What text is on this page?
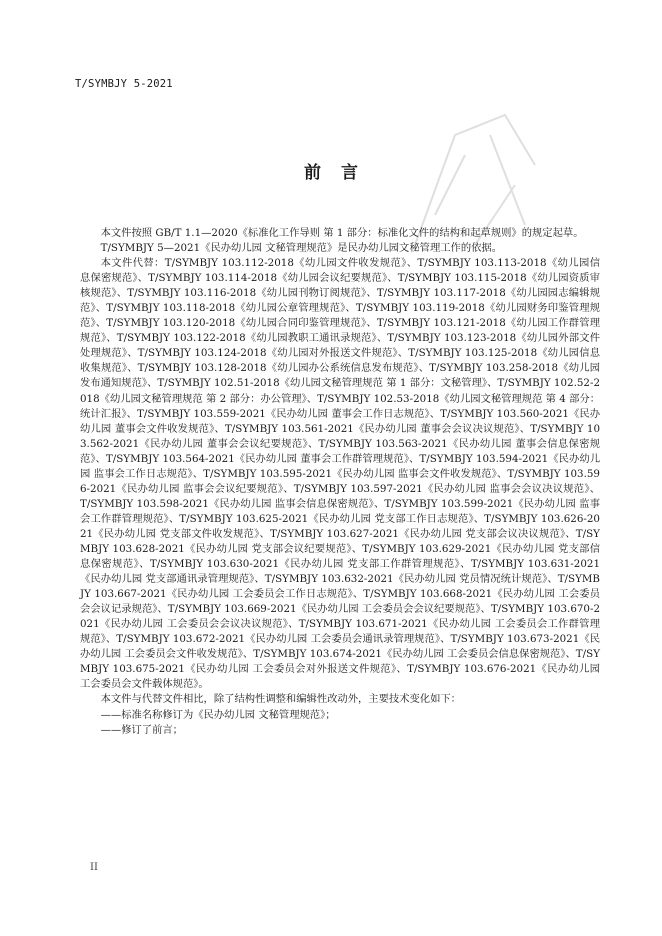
T/SYMBJY 5-2021
前言

本文件按照 GB/T 1.1—2020《标准化工作导则 第 1 部分：标准化文件的结构和起草规则》的规定起草。

T/SYMBJY 5—2021《民办幼儿园 文秘管理规范》是民办幼儿园文秘管理工作的依据。

本文件代替：T/SYMBJY 103.112-2018《幼儿园文件收发规范》、T/SYMBJY 103.113-2018《幼儿园信息保密规范》、T/SYMBJY 103.114-2018《幼儿园会议纪要规范》、T/SYMBJY 103.115-2018《幼儿园资质审核规范》、T/SYMBJY 103.116-2018《幼儿园刊物订阅规范》、T/SYMBJY 103.117-2018《幼儿园园志编辑规范》、T/SYMBJY 103.118-2018《幼儿园公章管理规范》、T/SYMBJY 103.119-2018《幼儿园财务印鉴管理规范》、T/SYMBJY 103.120-2018《幼儿园合同印鉴管理规范》、T/SYMBJY 103.121-2018《幼儿园工作群管理规范》、T/SYMBJY 103.122-2018《幼儿园教职工通讯录规范》、T/SYMBJY 103.123-2018《幼儿园外部文件处理规范》、T/SYMBJY 103.124-2018《幼儿园对外报送文件规范》、T/SYMBJY 103.125-2018《幼儿园信息收集规范》、T/SYMBJY 103.128-2018《幼儿园办公系统信息发布规范》、T/SYMBJY 103.258-2018《幼儿园发布通知规范》、T/SYMBJY 102.51-2018《幼儿园文秘管理规范 第 1 部分：文秘管理》、T/SYMBJY 102.52-2018《幼儿园文秘管理规范 第 2 部分：办公管理》、T/SYMBJY 102.53-2018《幼儿园文秘管理规范 第 4 部分：统计汇报》、T/SYMBJY 103.559-2021《民办幼儿园 董事会工作日志规范》、T/SYMBJY 103.560-2021《民办幼儿园 董事会文件收发规范》、T/SYMBJY 103.561-2021《民办幼儿园 董事会会议决议规范》、T/SYMBJY 103.562-2021《民办幼儿园 董事会会议纪要规范》、T/SYMBJY 103.563-2021《民办幼儿园 董事会信息保密规范》、T/SYMBJY 103.564-2021《民办幼儿园 董事会工作群管理规范》、T/SYMBJY 103.594-2021《民办幼儿园 监事会工作日志规范》、T/SYMBJY 103.595-2021《民办幼儿园 监事会文件收发规范》、T/SYMBJY 103.596-2021《民办幼儿园 监事会会议纪要规范》、T/SYMBJY 103.597-2021《民办幼儿园 监事会会议决议规范》、T/SYMBJY 103.598-2021《民办幼儿园 监事会信息保密规范》、T/SYMBJY 103.599-2021《民办幼儿园 监事会工作群管理规范》、T/SYMBJY 103.625-2021《民办幼儿园 党支部工作日志规范》、T/SYMBJY 103.626-2021《民办幼儿园 党支部文件收发规范》、T/SYMBJY 103.627-2021《民办幼儿园 党支部会议决议规范》、T/SYMBJY 103.628-2021《民办幼儿园 党支部会议纪要规范》、T/SYMBJY 103.629-2021《民办幼儿园 党支部信息保密规范》、T/SYMBJY 103.630-2021《民办幼儿园 党支部工作群管理规范》、T/SYMBJY 103.631-2021《民办幼儿园 党支部通讯录管理规范》、T/SYMBJY 103.632-2021《民办幼儿园 党员情况统计规范》、T/SYMBJY 103.667-2021《民办幼儿园 工会委员会工作日志规范》、T/SYMBJY 103.668-2021《民办幼儿园 工会委员会会议记录规范》、T/SYMBJY 103.669-2021《民办幼儿园 工会委员会会议纪要规范》、T/SYMBJY 103.670-2021《民办幼儿园 工会委员会会议决议规范》、T/SYMBJY 103.671-2021《民办幼儿园 工会委员会工作群管理规范》、T/SYMBJY 103.672-2021《民办幼儿园 工会委员会通讯录管理规范》、T/SYMBJY 103.673-2021《民办幼儿园 工会委员会文件收发规范》、T/SYMBJY 103.674-2021《民办幼儿园 工会委员会信息保密规范》、T/SYMBJY 103.675-2021《民办幼儿园 工会委员会对外报送文件规范》、T/SYMBJY 103.676-2021《民办幼儿园 工会委员会文件载体规范》。

本文件与代替文件相比，除了结构性调整和编辑性改动外，主要技术变化如下：

——标准名称修订为《民办幼儿园 文秘管理规范》；

——修订了前言；

II
